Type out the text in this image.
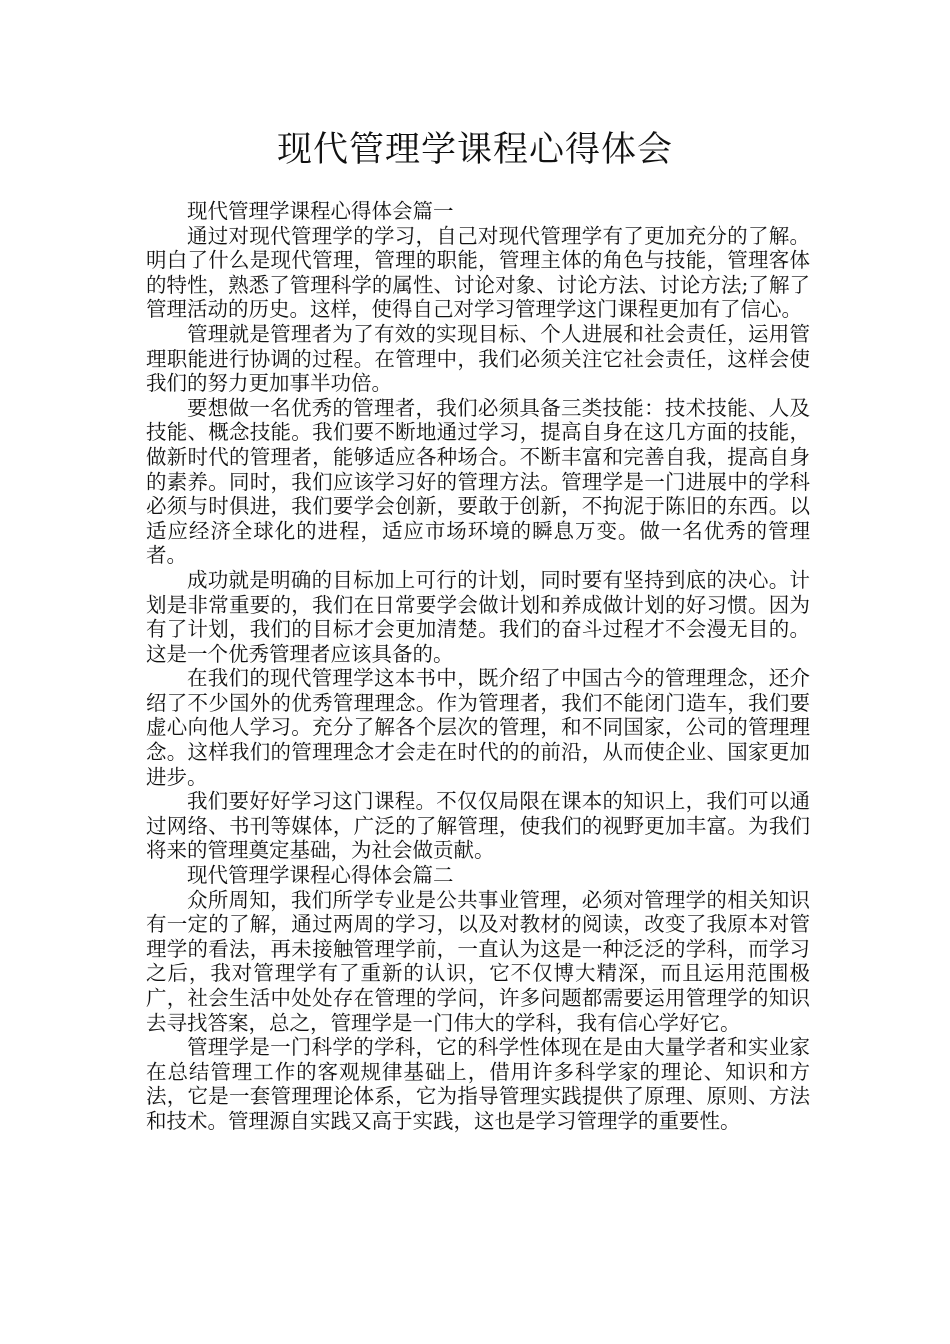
现代管理学课程心得体会

现代管理学课程心得体会篇一

通过对现代管理学的学习，自己对现代管理学有了更加充分的了解。明白了什么是现代管理，管理的职能，管理主体的角色与技能，管理客体的特性，熟悉了管理科学的属性、讨论对象、讨论方法、讨论方法;了解了管理活动的历史。这样，使得自己对学习管理学这门课程更加有了信心。

管理就是管理者为了有效的实现目标、个人进展和社会责任，运用管理职能进行协调的过程。在管理中，我们必须关注它社会责任，这样会使我们的努力更加事半功倍。

要想做一名优秀的管理者，我们必须具备三类技能：技术技能、人及技能、概念技能。我们要不断地通过学习，提高自身在这几方面的技能，做新时代的管理者，能够适应各种场合。不断丰富和完善自我，提高自身的素养。同时，我们应该学习好的管理方法。管理学是一门进展中的学科必须与时俱进，我们要学会创新，要敢于创新，不拘泥于陈旧的东西。以适应经济全球化的进程，适应市场环境的瞬息万变。做一名优秀的管理者。

成功就是明确的目标加上可行的计划，同时要有坚持到底的决心。计划是非常重要的，我们在日常要学会做计划和养成做计划的好习惯。因为有了计划，我们的目标才会更加清楚。我们的奋斗过程才不会漫无目的。这是一个优秀管理者应该具备的。

在我们的现代管理学这本书中，既介绍了中国古今的管理理念，还介绍了不少国外的优秀管理理念。作为管理者，我们不能闭门造车，我们要虚心向他人学习。充分了解各个层次的管理，和不同国家，公司的管理理念。这样我们的管理理念才会走在时代的的前沿，从而使企业、国家更加进步。

我们要好好学习这门课程。不仅仅局限在课本的知识上，我们可以通过网络、书刊等媒体，广泛的了解管理，使我们的视野更加丰富。为我们将来的管理奠定基础，为社会做贡献。

现代管理学课程心得体会篇二

众所周知，我们所学专业是公共事业管理，必须对管理学的相关知识有一定的了解，通过两周的学习，以及对教材的阅读，改变了我原本对管理学的看法，再未接触管理学前，一直认为这是一种泛泛的学科，而学习之后，我对管理学有了重新的认识，它不仅博大精深，而且运用范围极广，社会生活中处处存在管理的学问，许多问题都需要运用管理学的知识去寻找答案，总之，管理学是一门伟大的学科，我有信心学好它。

管理学是一门科学的学科，它的科学性体现在是由大量学者和实业家在总结管理工作的客观规律基础上，借用许多科学家的理论、知识和方法，它是一套管理理论体系，它为指导管理实践提供了原理、原则、方法和技术。管理源自实践又高于实践，这也是学习管理学的重要性。
